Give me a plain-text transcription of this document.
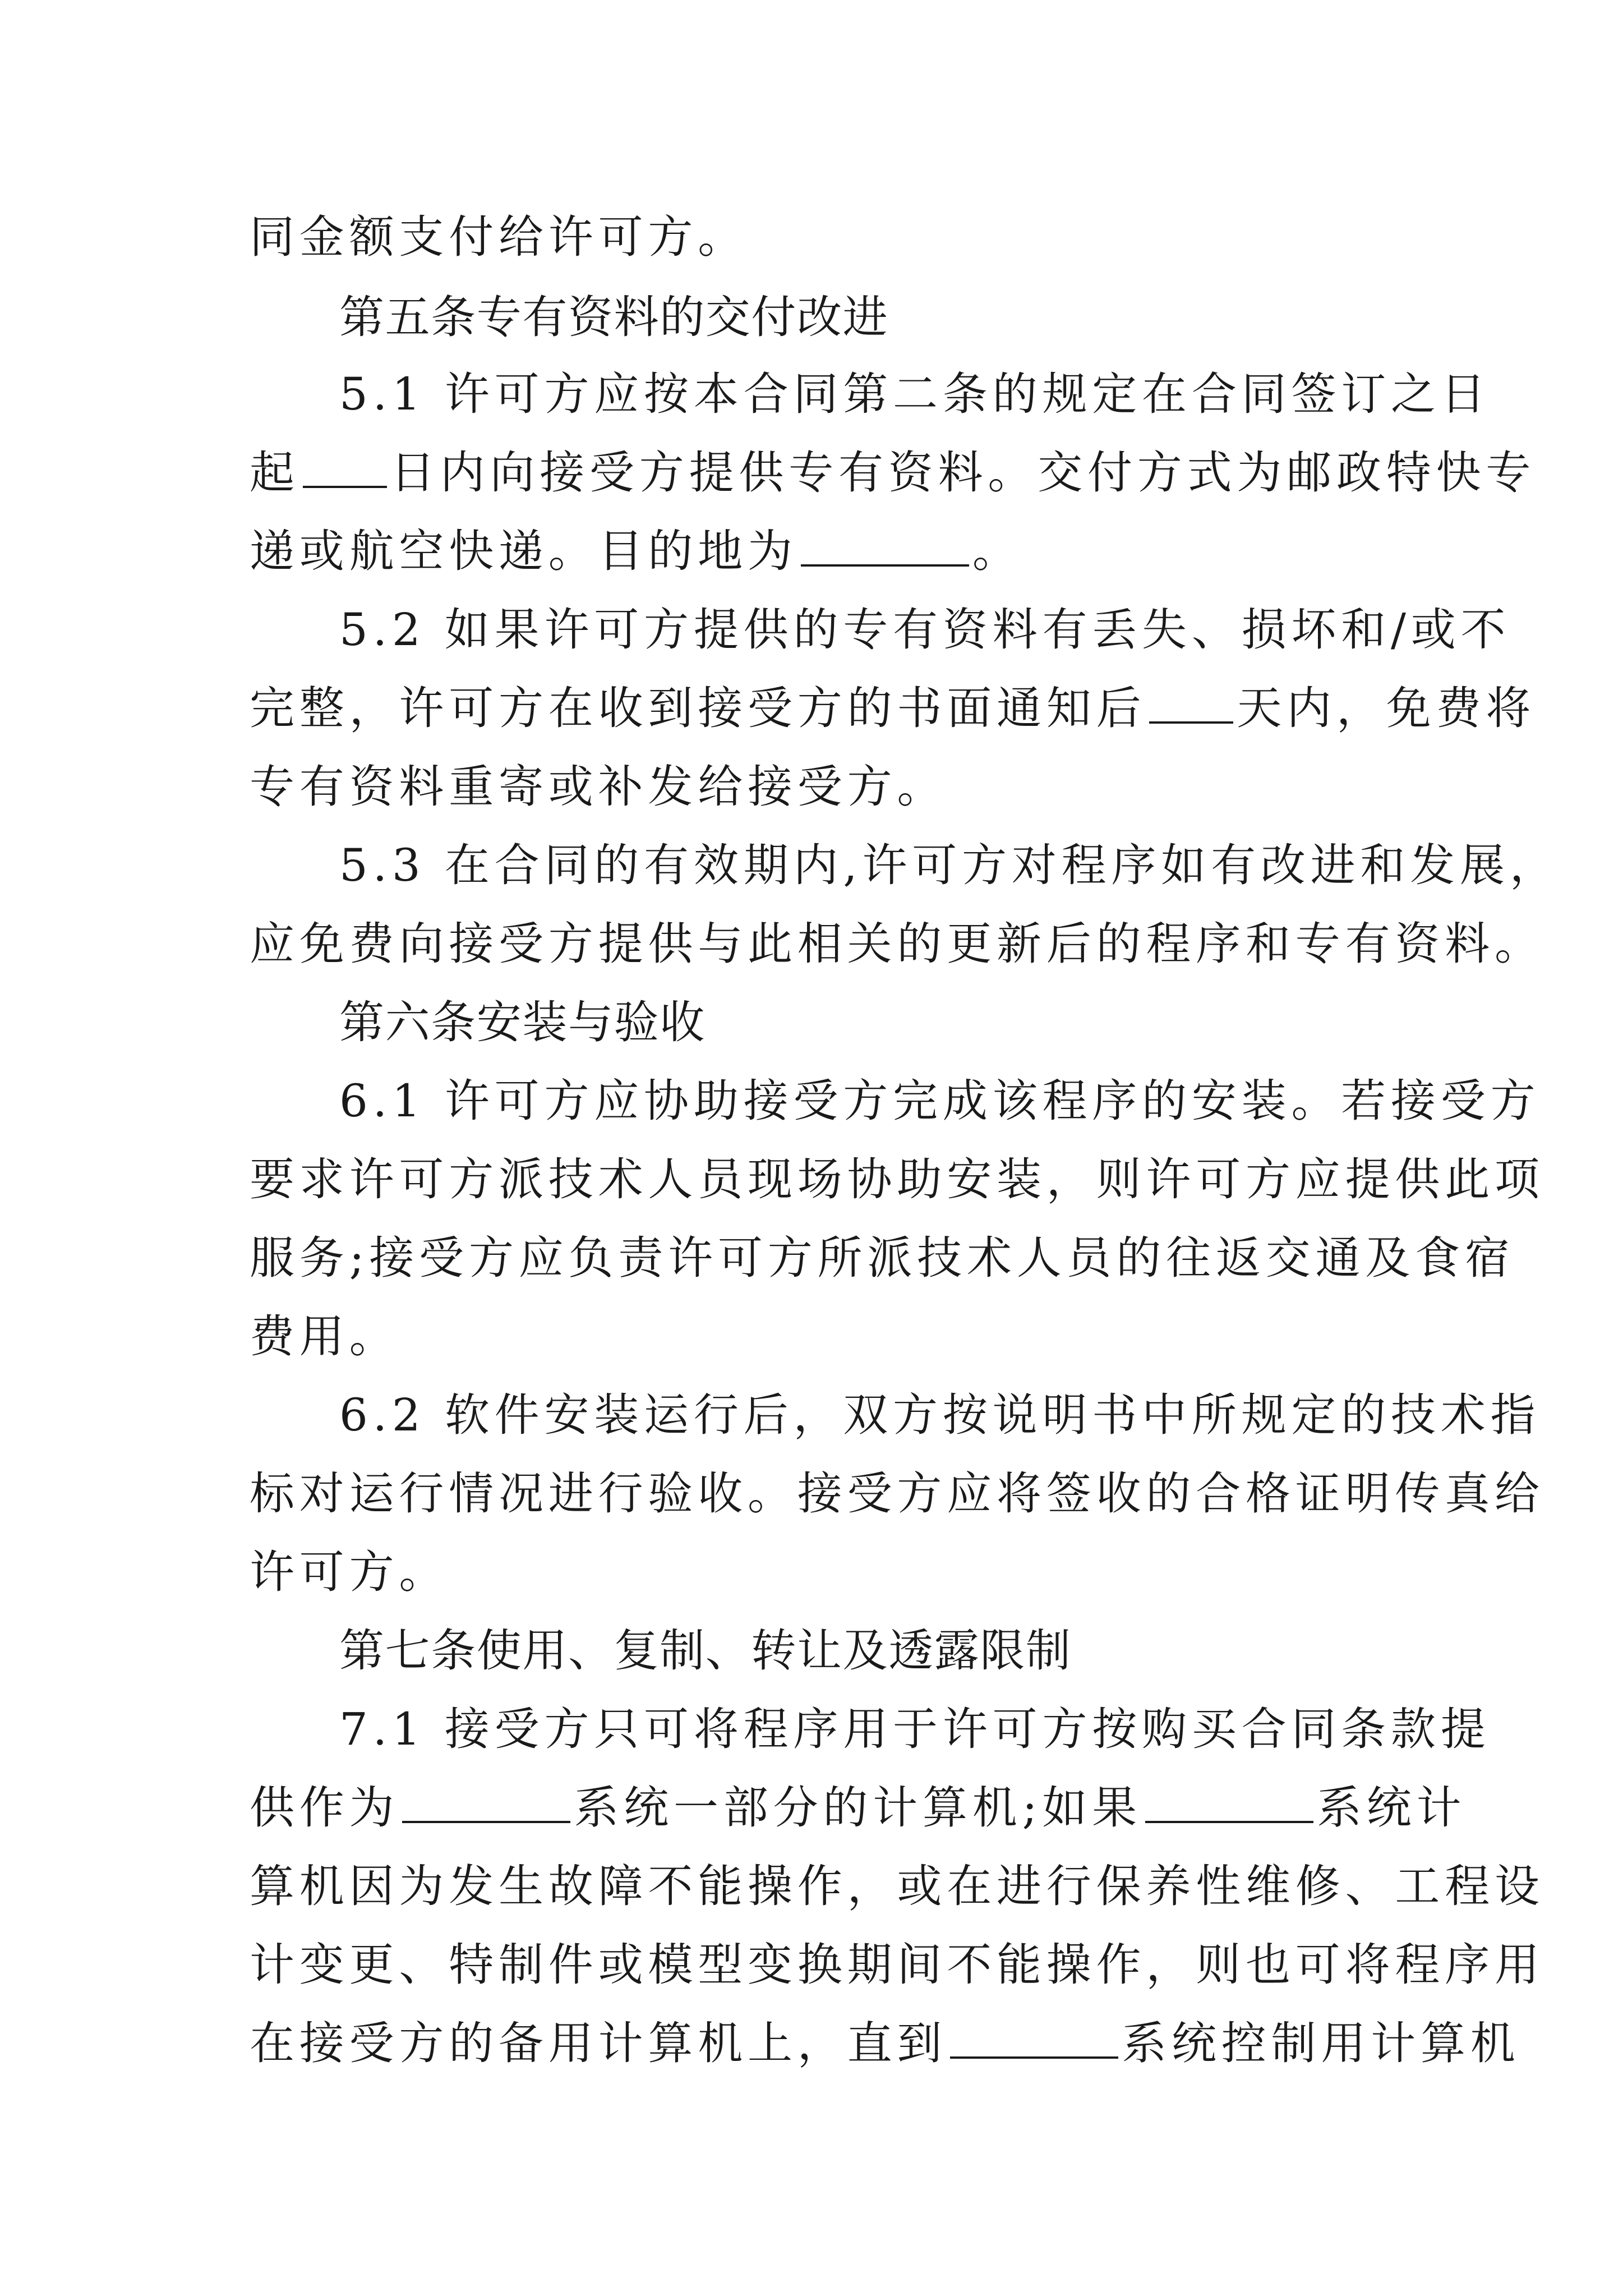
同金额支付给许可方。
第五条专有资料的交付改进
5.1 许可方应按本合同第二条的规定在合同签订之日
起 日内向接受方提供专有资料。交付方式为邮政特快专
递或航空快递。目的地为	。
5.2 如果许可方提供的专有资料有丢失、损坏和/或不
完整，许可方在收到接受方的书面通知后 天内，免费将
专有资料重寄或补发给接受方。
5.3 在合同的有效期内,许可方对程序如有改进和发展，
应免费向接受方提供与此相关的更新后的程序和专有资料。
第六条安装与验收
6.1 许可方应协助接受方完成该程序的安装。若接受方
要求许可方派技术人员现场协助安装，则许可方应提供此项
服务;接受方应负责许可方所派技术人员的往返交通及食宿
费用。
6.2 软件安装运行后，双方按说明书中所规定的技术指
标对运行情况进行验收。接受方应将签收的合格证明传真给
许可方。
第七条使用、复制、转让及透露限制
7.1 接受方只可将程序用于许可方按购买合同条款提
供作为	系统一部分的计算机;如果	系统计
算机因为发生故障不能操作，或在进行保养性维修、工程设
计变更、特制件或模型变换期间不能操作，则也可将程序用
在接受方的备用计算机上，直到	系统控制用计算机
